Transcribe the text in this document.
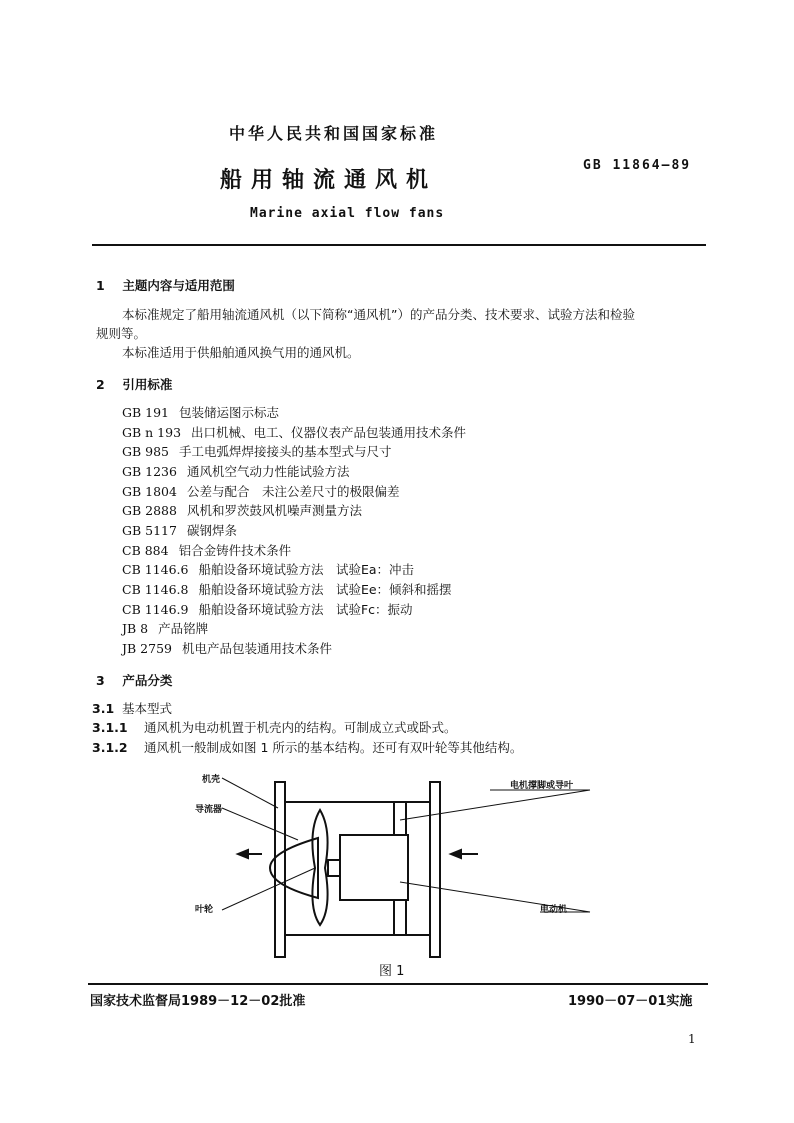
中华人民共和国国家标准
船用轴流通风机
Marine axial flow fans
GB 11864—89
1 主题内容与适用范围
本标准规定了船用轴流通风机（以下简称“通风机”）的产品分类、技术要求、试验方法和检验
规则等。
本标准适用于供船舶通风换气用的通风机。
2 引用标准
GB 191 包装储运图示标志
GB n 193 出口机械、电工、仪器仪表产品包装通用技术条件
GB 985 手工电弧焊焊接接头的基本型式与尺寸
GB 1236 通风机空气动力性能试验方法
GB 1804 公差与配合　未注公差尺寸的极限偏差
GB 2888 风机和罗茨鼓风机噪声测量方法
GB 5117 碳钢焊条
CB 884 铝合金铸件技术条件
CB 1146.6 船舶设备环境试验方法　试验Ea：冲击
CB 1146.8 船舶设备环境试验方法　试验Ee：倾斜和摇摆
CB 1146.9 船舶设备环境试验方法　试验Fc：振动
JB 8 产品铭牌
JB 2759 机电产品包装通用技术条件
3 产品分类
3.1 基本型式
3.1.1 通风机为电动机置于机壳内的结构。可制成立式或卧式。
3.1.2 通风机一般制成如图 1 所示的基本结构。还可有双叶轮等其他结构。
机壳
导流器
叶轮
电机撑脚或导叶
电动机
图 1
国家技术监督局1989－12－02批准	1990－07－01实施
1
